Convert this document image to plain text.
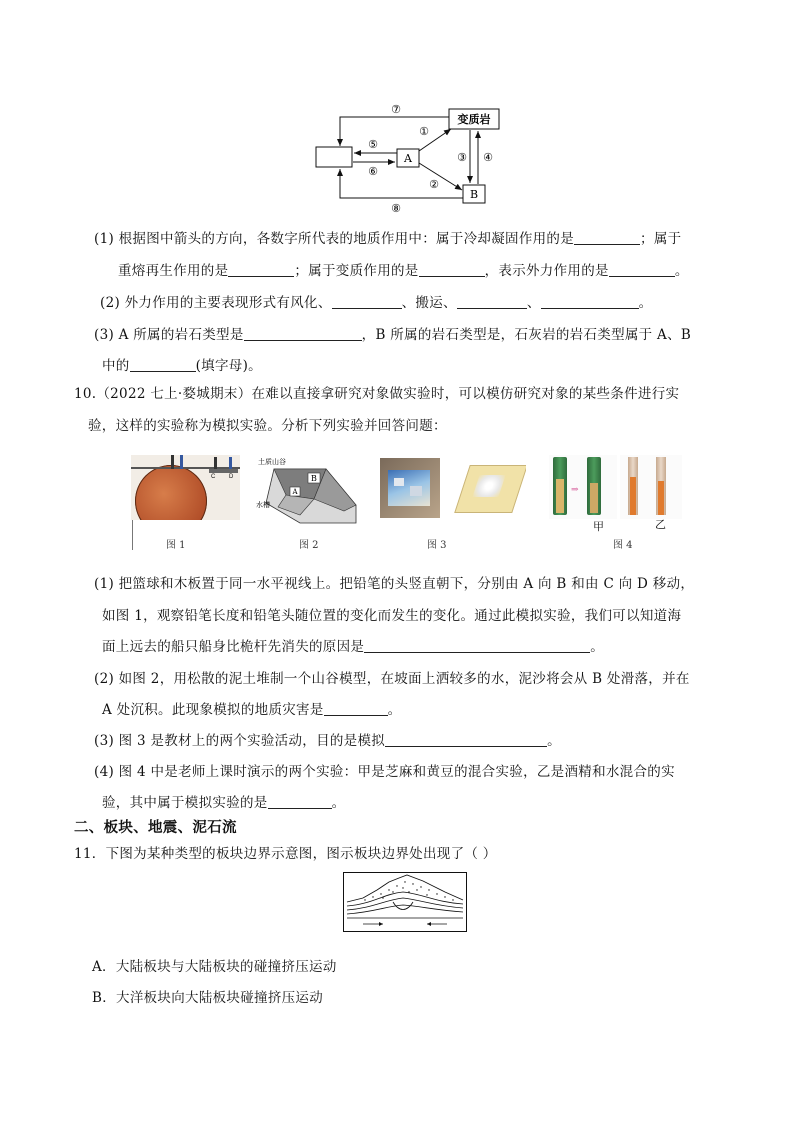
A
变质岩
B
⑦
⑤
⑥
①
②
③ ④
⑧
(1) 根据图中箭头的方向，各数字所代表的地质作用中：属于冷却凝固作用的是	；属于
重熔再生作用的是	；属于变质作用的是	，表示外力作用的是	。
(2) 外力作用的主要表现形式有风化、	、搬运、	、	。
(3) A 所属的岩石类型是	，B 所属的岩石类型是，石灰岩的岩石类型属于 A、B
中的	(填字母)。
10.（2022 七上·婺城期末）在难以直接拿研究对象做实验时，可以模仿研究对象的某些条件进行实
验，这样的实验称为模拟实验。分析下列实验并回答问题：
C D
图 1
B
A
土质山谷
水槽
图 2	图 3
⇒
甲	乙
图 4
(1) 把篮球和木板置于同一水平视线上。把铅笔的头竖直朝下，分别由 A 向 B 和由 C 向 D 移动，
如图 1，观察铅笔长度和铅笔头随位置的变化而发生的变化。通过此模拟实验，我们可以知道海
面上远去的船只船身比桅杆先消失的原因是	。
(2) 如图 2，用松散的泥土堆制一个山谷模型，在坡面上洒较多的水，泥沙将会从 B 处滑落，并在
A 处沉积。此现象模拟的地质灾害是	。
(3) 图 3 是教材上的两个实验活动，目的是模拟	。
(4) 图 4 中是老师上课时演示的两个实验：甲是芝麻和黄豆的混合实验，乙是酒精和水混合的实
验，其中属于模拟实验的是	。
二、板块、地震、泥石流
11．下图为某种类型的板块边界示意图，图示板块边界处出现了（ ）
A．大陆板块与大陆板块的碰撞挤压运动
B．大洋板块向大陆板块碰撞挤压运动
